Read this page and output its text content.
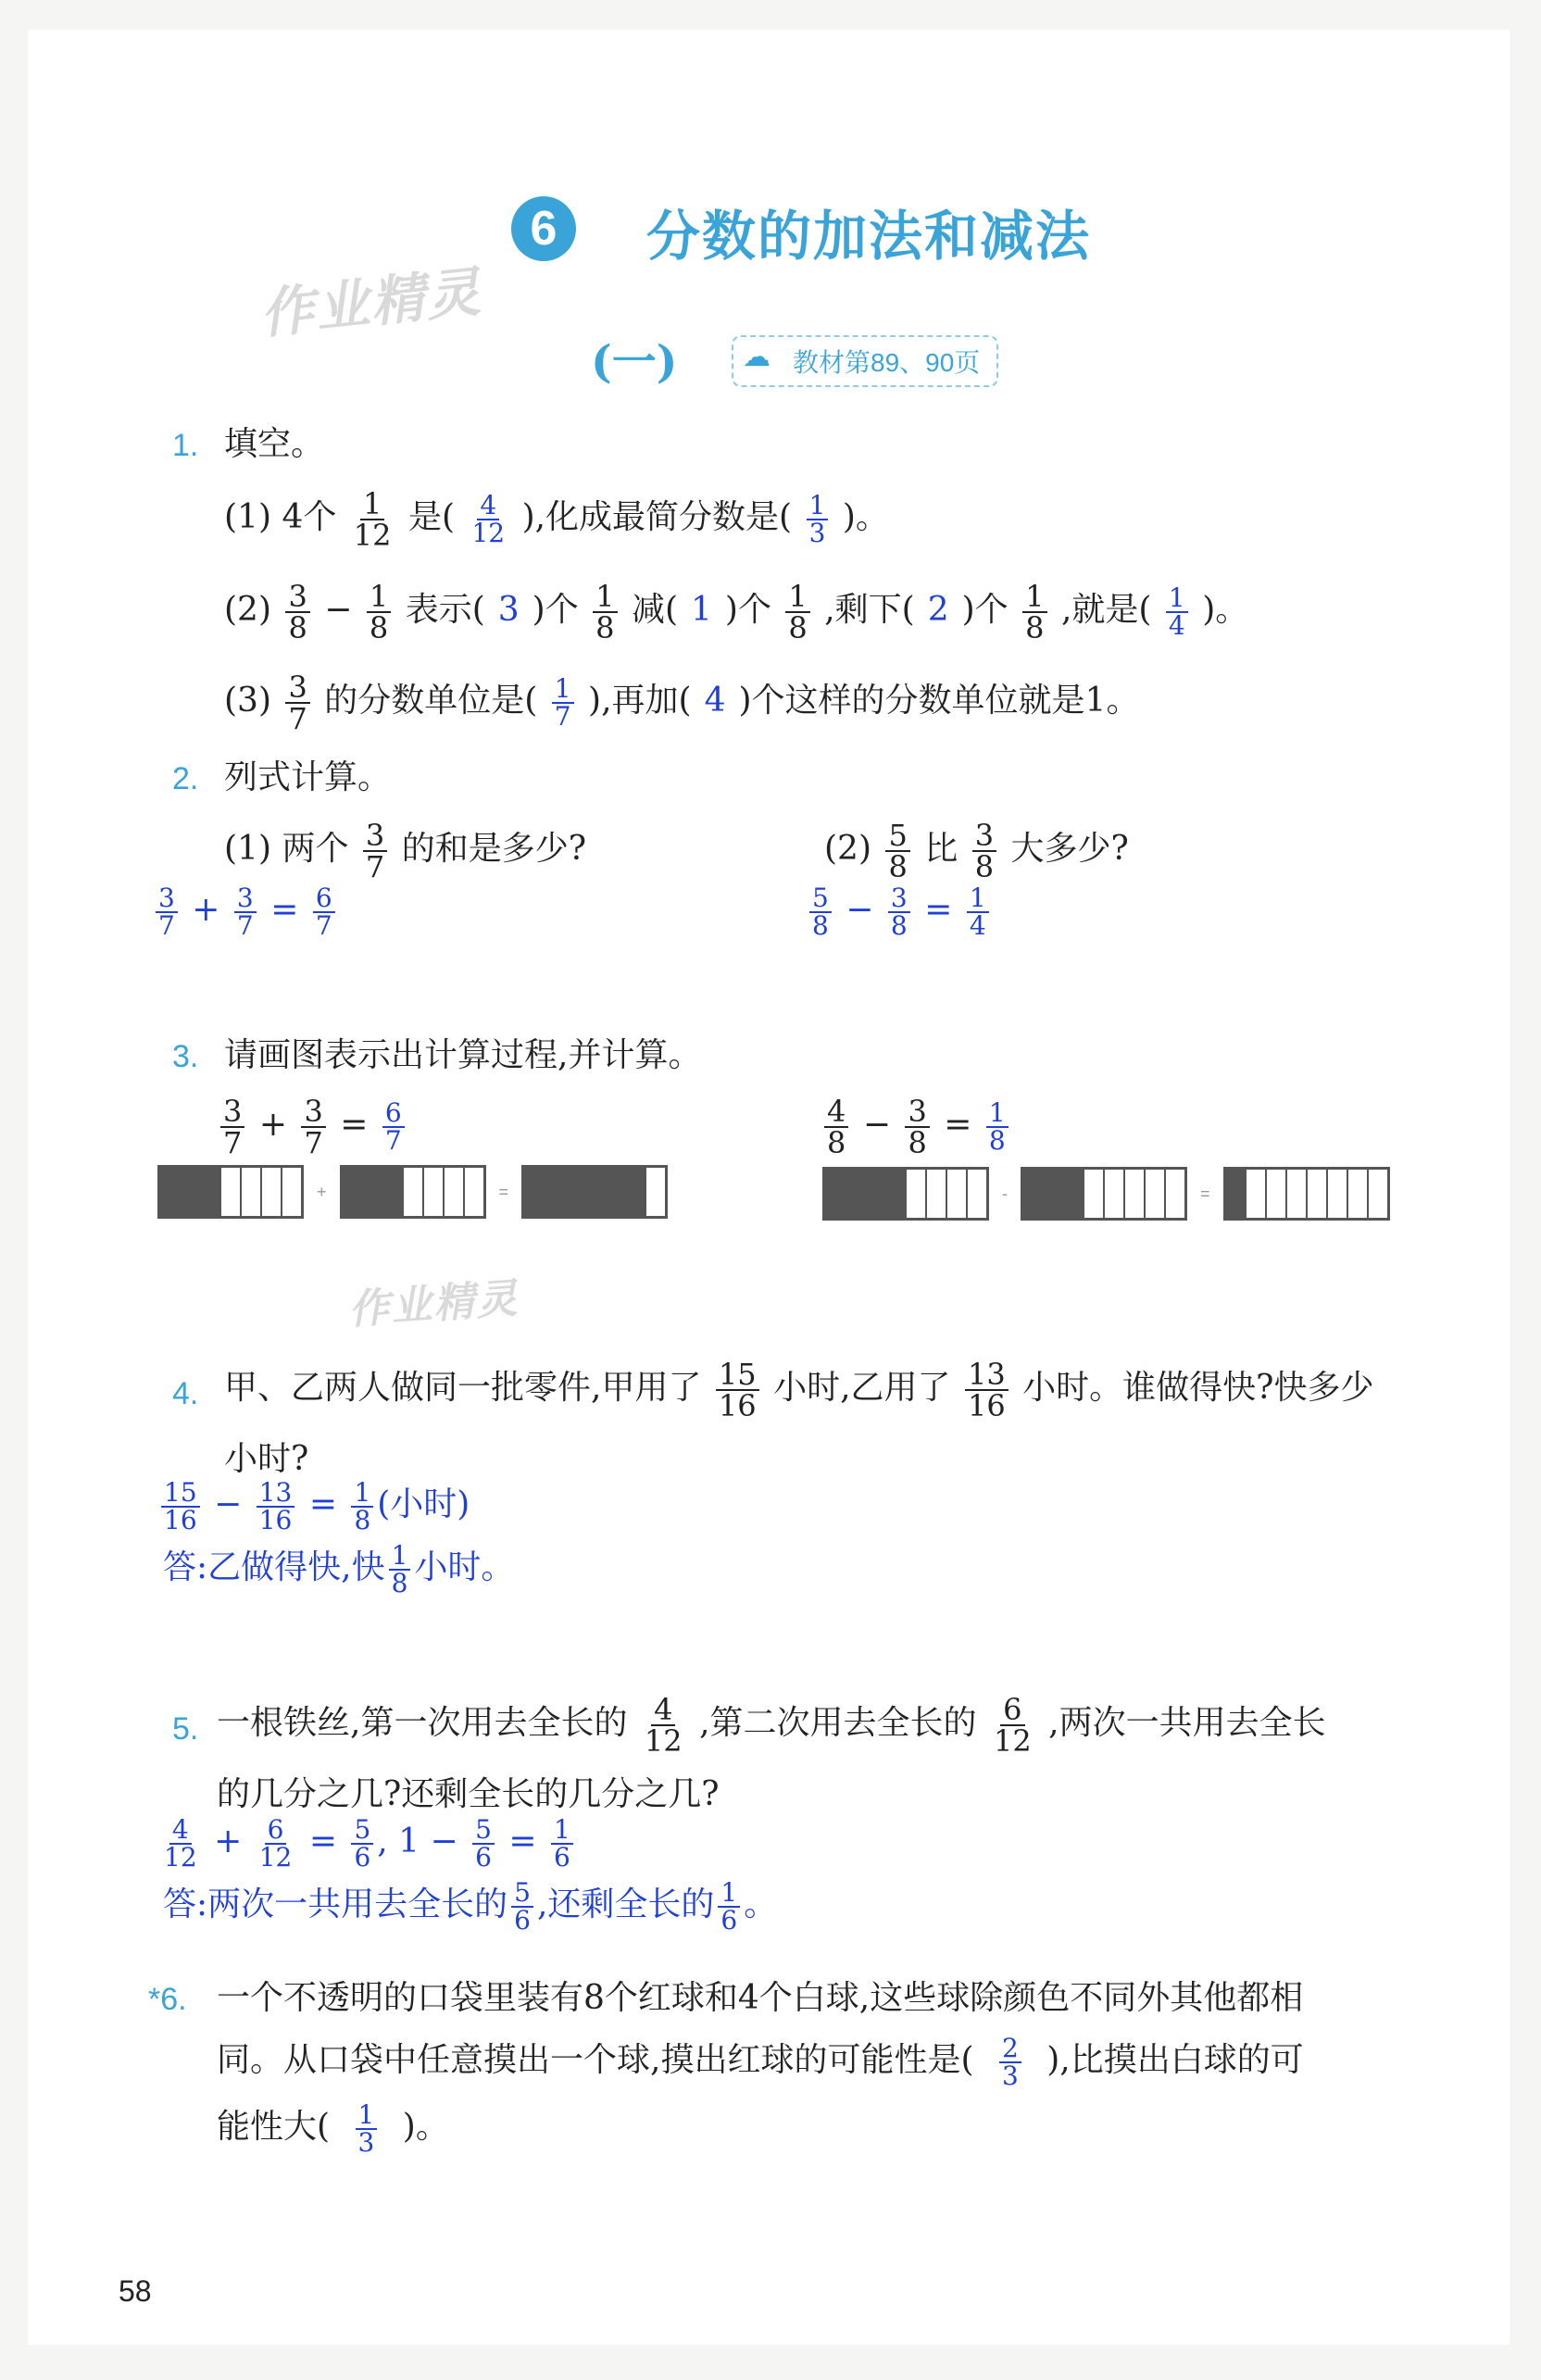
6	分数的加法和减法
作业精灵
(一) ☁ 教材第89、90页
1. 填空。
(1) 4个 $\frac{1}{12}$ 是( $\frac{4}{12}$ ),化成最简分数是( $\frac{1}{3}$ )。
$(2) \frac{3}{8} - \frac{1}{8}$ 表示( 3 )个 $\frac{1}{8}$ 减( 1 )个 $\frac{1}{8}$ ,剩下( 2 )个 $\frac{1}{8}$ ,就是( $\frac{1}{4}$ )。
$(3) \frac{3}{7}$ 的分数单位是( $\frac{1}{7}$ ),再加( 4 )个这样的分数单位就是1。
2. 列式计算。
(1) 两个 $\frac{3}{7}$ 的和是多少?
$\frac{3}{7} + \frac{3}{7} = \frac{6}{7}$
$(2) \frac{5}{8}$ 比 $\frac{3}{8}$ 大多少?
$\frac{5}{8} - \frac{3}{8} = \frac{1}{4}$
3. 请画图表示出计算过程,并计算。
$\frac{3}{7} + \frac{3}{7} = \frac{6}{7}$
+	=
$\frac{4}{8} - \frac{3}{8} = \frac{1}{8}$
-	=
作业精灵
4. 甲、乙两人做同一批零件,甲用了 $\frac{15}{16}$ 小时,乙用了 $\frac{13}{16}$ 小时。谁做得快?快多少
小时?
$\frac{15}{16} - \frac{13}{16} = \frac{1}{8}$ (小时)
答:乙做得快,快 $\frac{1}{8}$ 小时。
5. 一根铁丝,第一次用去全长的 $\frac{4}{12}$ ,第二次用去全长的 $\frac{6}{12}$ ,两次一共用去全长
的几分之几?还剩全长的几分之几?
$\frac{4}{12} + \frac{6}{12} = \frac{5}{6}$ , $1 - \frac{5}{6} = \frac{1}{6}$
答:两次一共用去全长的 $\frac{5}{6}$ ,还剩全长的 $\frac{1}{6}$ 。
*6. 一个不透明的口袋里装有8个红球和4个白球,这些球除颜色不同外其他都相
同。从口袋中任意摸出一个球,摸出红球的可能性是( $\frac{2}{3}$ ),比摸出白球的可
能性大( $\frac{1}{3}$ )。
58
